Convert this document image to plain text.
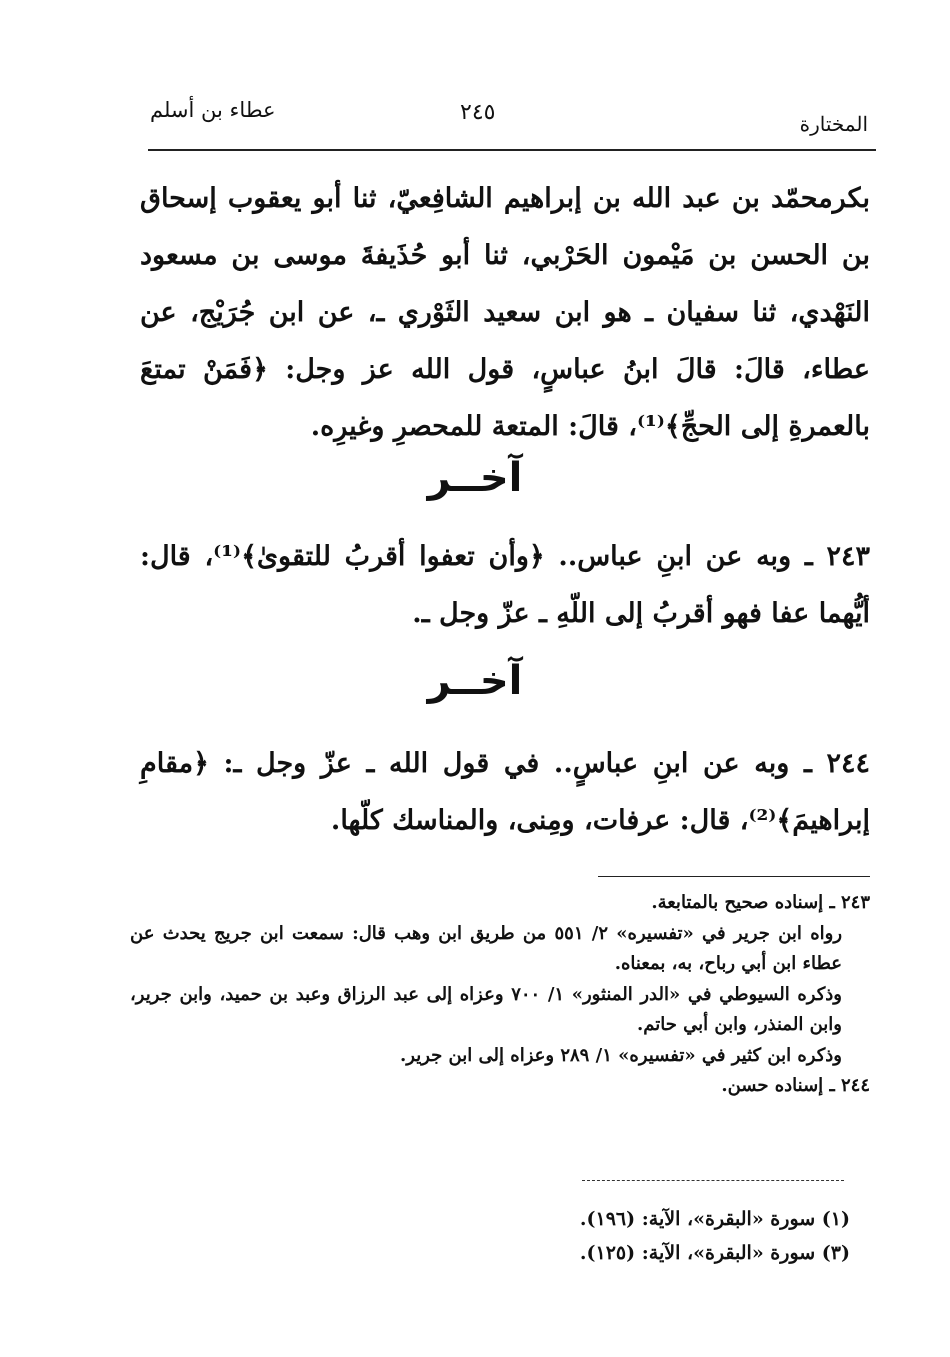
المختارة
٢٤٥
عطاء بن أسلم
بكرمحمّد بن عبد الله بن إبراهيم الشافِعيّ، ثنا أبو يعقوب إسحاق بن الحسن بن مَيْمون الحَرْبي، ثنا أبو حُذَيفةَ موسى بن مسعود النَهْدي، ثنا سفيان ـ هو ابن سعيد الثَوْري ـ، عن ابن جُرَيْج، عن عطاء، قالَ: قالَ ابنُ عباسٍ، قول الله عز وجل: ﴿فَمَنْ تمتعَ بالعمرةِ إلى الحجِّ﴾⁽¹⁾، قالَ: المتعة للمحصرِ وغيرِه.
آخــر
٢٤٣ ـ وبه عن ابنِ عباس.. ﴿وأن تعفوا أقربُ للتقوىٰ﴾⁽¹⁾، قال: أيُّهما عفا فهو أقربُ إلى اللّهِ ـ عزّ وجل ـ.
آخــر
٢٤٤ ـ وبه عن ابنِ عباسٍ.. في قول الله ـ عزّ وجل ـ: ﴿مقامِ إبراهيمَ﴾⁽²⁾، قال: عرفات، ومِنى، والمناسك كلّها.

٢٤٣ ـ إسناده صحيح بالمتابعة.

رواه ابن جرير في «تفسيره» ٢/ ٥٥١ من طريق ابن وهب قال: سمعت ابن جريج يحدث عن عطاء ابن أبي رباح، به، بمعناه.

وذكره السيوطي في «الدر المنثور» ١/ ٧٠٠ وعزاه إلى عبد الرزاق وعبد بن حميد، وابن جرير، وابن المنذر، وابن أبي حاتم.

وذكره ابن كثير في «تفسيره» ١/ ٢٨٩ وعزاه إلى ابن جرير.

٢٤٤ ـ إسناده حسن.

(١) سورة «البقرة»، الآية: (١٩٦).

(٣) سورة «البقرة»، الآية: (١٢٥).
